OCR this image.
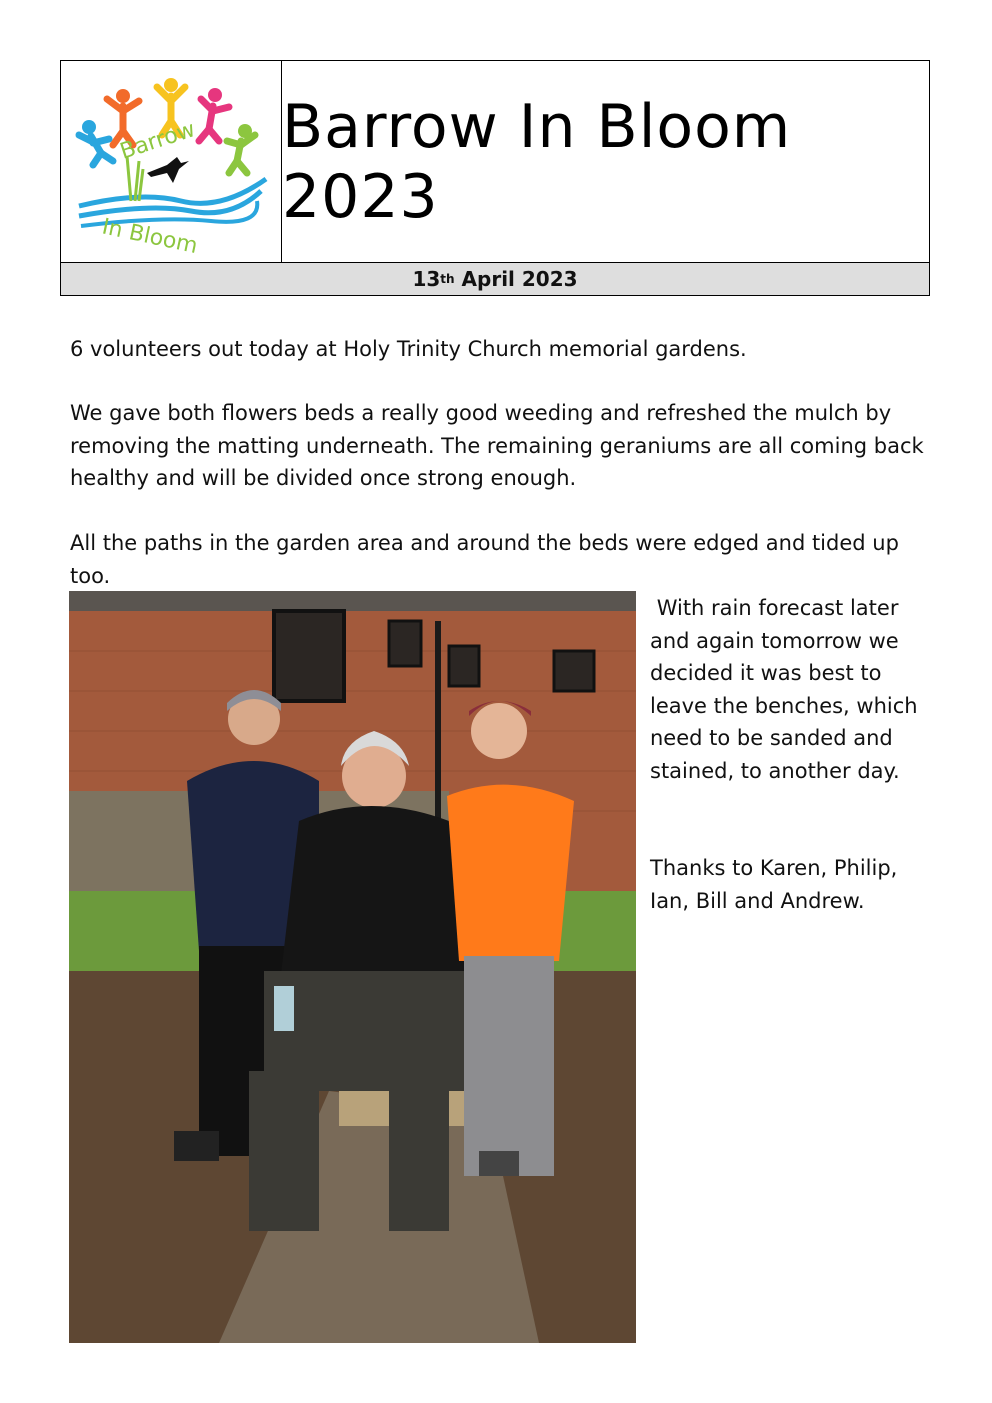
Barrow
In Bloom
Barrow In Bloom 2023
13 th April 2023

6 volunteers out today at Holy Trinity Church memorial gardens.

We gave both flowers beds a really good weeding and refreshed the mulch by removing the matting underneath. The remaining geraniums are all coming back healthy and will be divided once strong enough.

All the paths in the garden area and around the beds were edged and tided up too.

With rain forecast later and again tomorrow we decided it was best to leave the benches, which need to be sanded and stained, to another day.

Thanks to Karen, Philip, Ian, Bill and Andrew.
